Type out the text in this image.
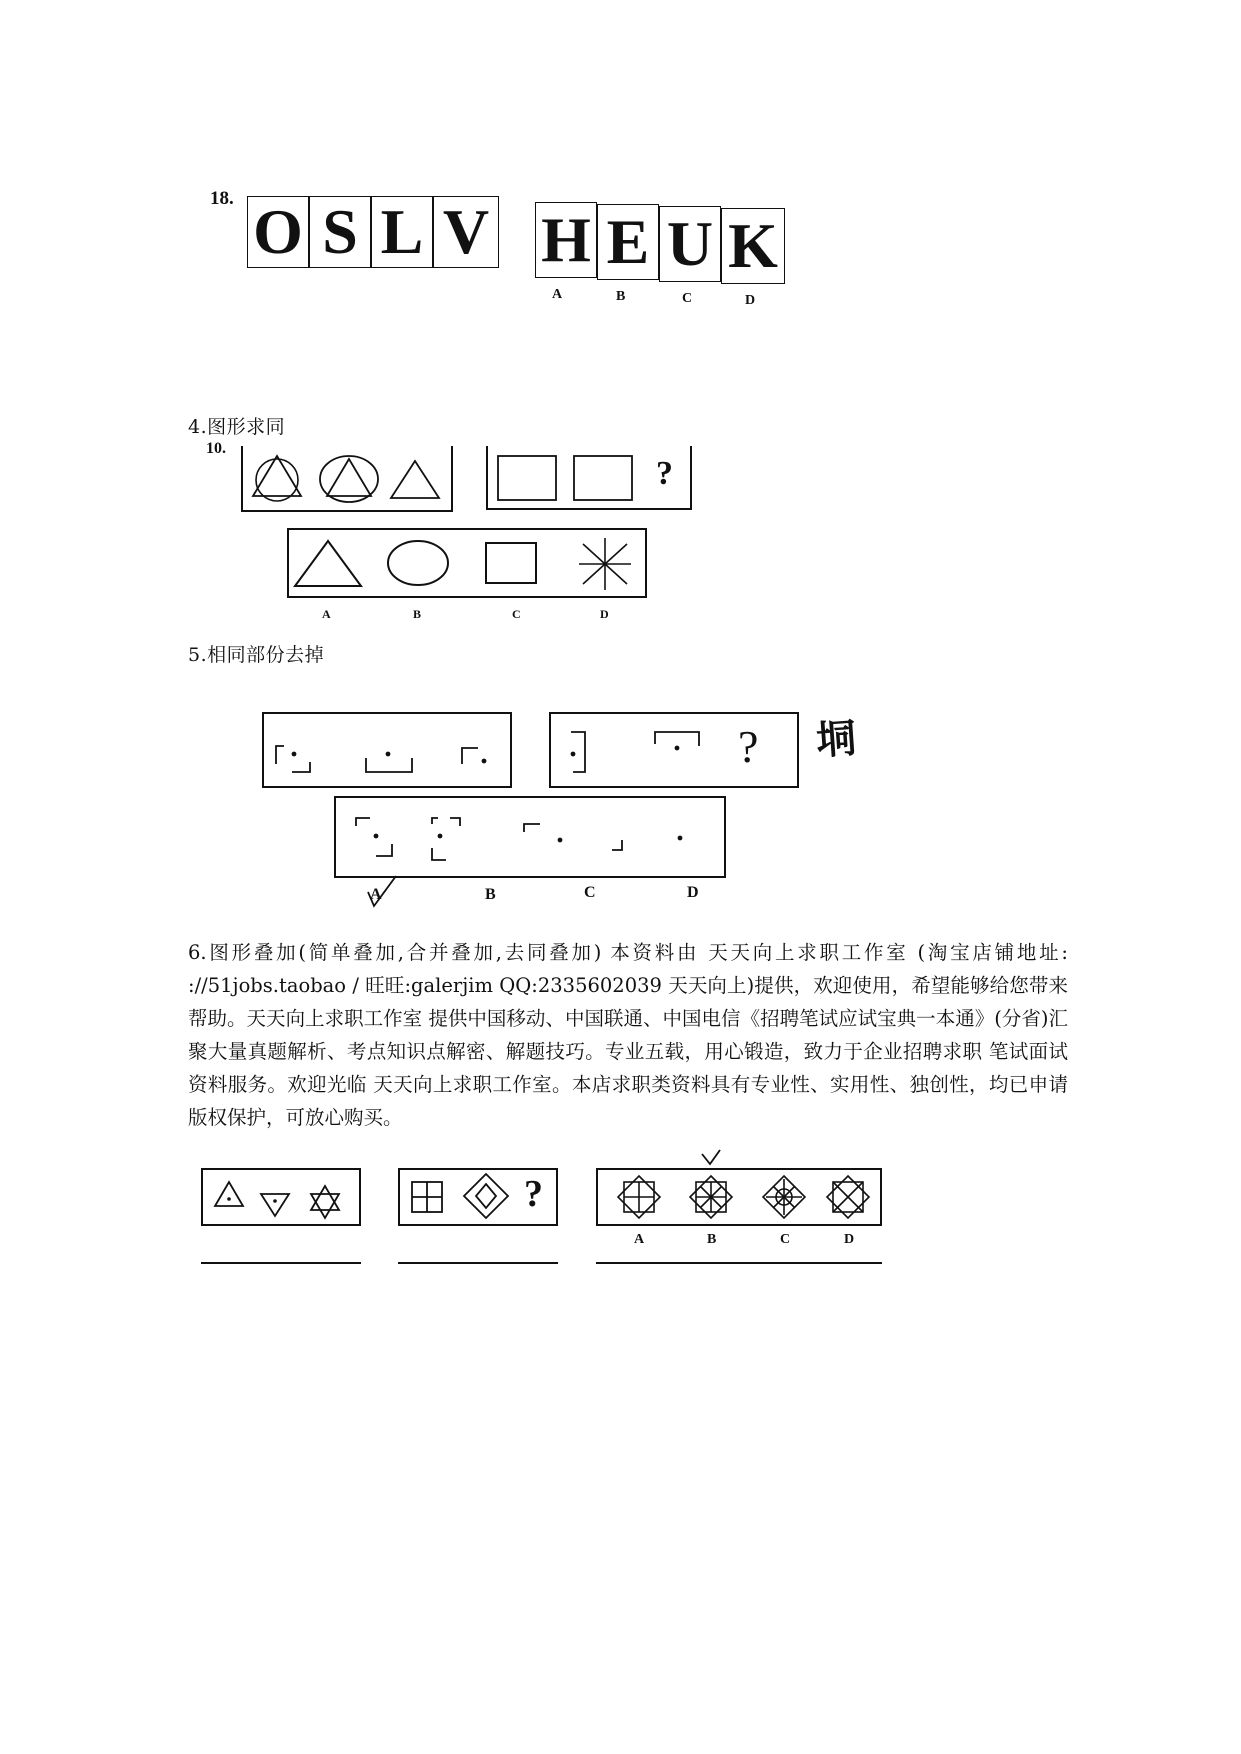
18. O S L V H E U K
A	B	C	D
4.图形求同
10.
?
A	B	C	D
5.相同部份去掉
? 垌
A	B	C	D
6.图形叠加(简单叠加,合并叠加,去同叠加) 本资料由 天天向上求职工作室 (淘宝店铺地址: ://51jobs.taobao / 旺旺:galerjim QQ:2335602039 天天向上)提供，欢迎使用，希望能够给您带来帮助。天天向上求职工作室 提供中国移动、中国联通、中国电信《招聘笔试应试宝典一本通》(分省)汇聚大量真题解析、考点知识点解密、解题技巧。专业五载，用心锻造，致力于企业招聘求职 笔试面试资料服务。欢迎光临 天天向上求职工作室。本店求职类资料具有专业性、实用性、独创性，均已申请版权保护，可放心购买。
?
A	B	C	D
